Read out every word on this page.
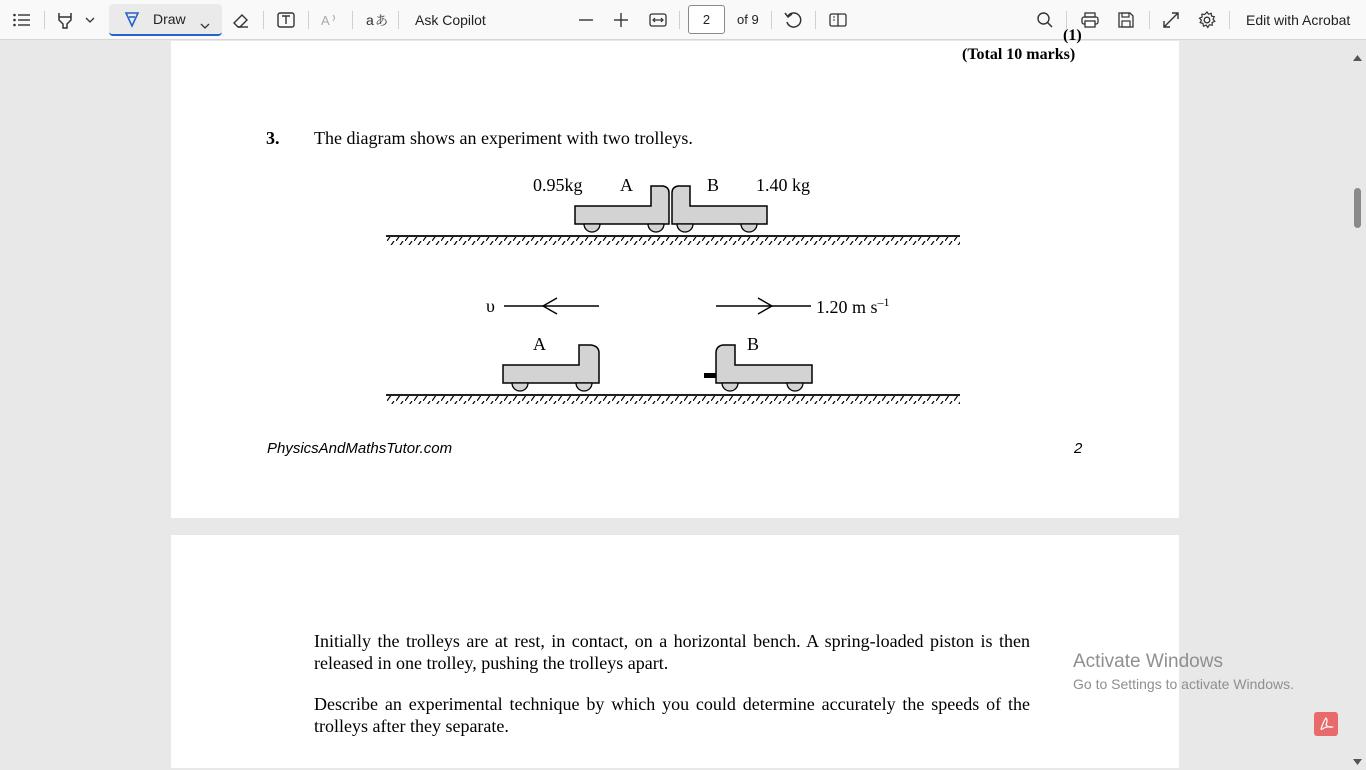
Draw	A	a あ Ask Copilot	2	of 9	Edit with Acrobat
(1)
(Total 10 marks)
3. The diagram shows an experiment with two trolleys.
0.95kg A	B 1.40 kg
υ	1.20 m $s^{-1}$
A	B
PhysicsAndMathsTutor.com	2
Initially the trolleys are at rest, in contact, on a horizontal bench. A spring-loaded piston is then released in one trolley, pushing the trolleys apart.
Describe an experimental technique by which you could determine accurately the speeds of the trolleys after they separate.
Activate Windows
Go to Settings to activate Windows.
